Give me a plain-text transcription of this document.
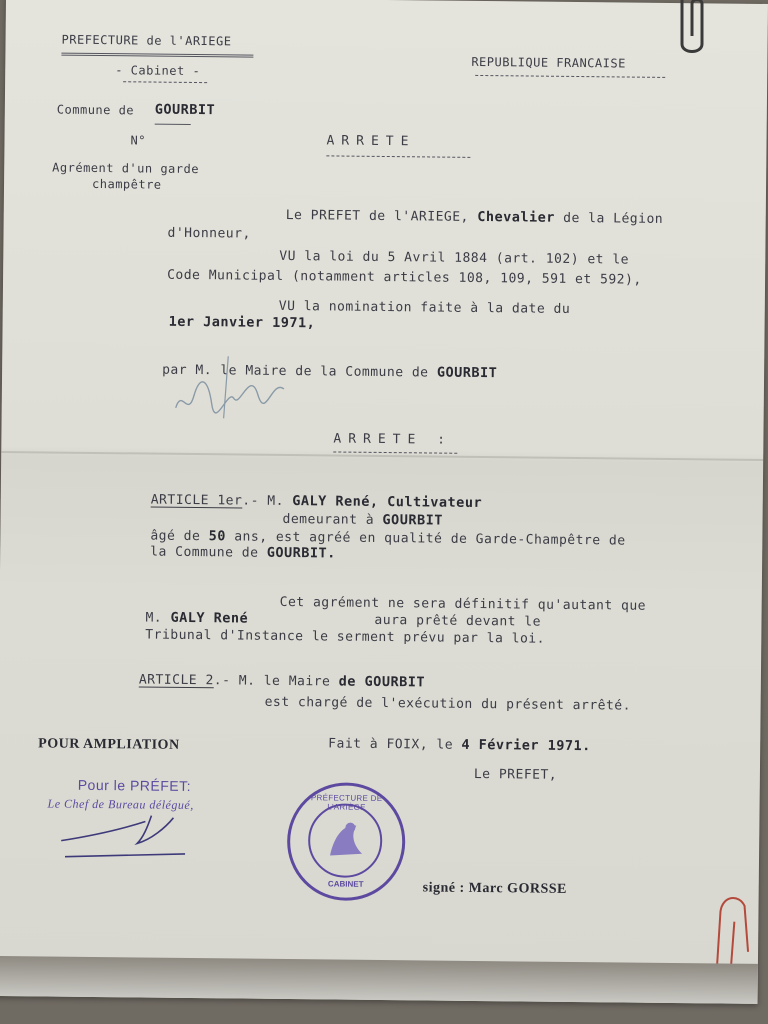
PREFECTURE de l'ARIEGE
- Cabinet -
Commune de GOURBIT
N°
Agrément d'un garde
champêtre
REPUBLIQUE FRANCAISE
ARRETE
Le PREFET de l'ARIEGE, Chevalier de la Légion
d'Honneur,
VU la loi du 5 Avril 1884 (art. 102) et le
Code Municipal (notamment articles 108, 109, 591 et 592),
VU la nomination faite à la date du
1er Janvier 1971,
par M. le Maire de la Commune de GOURBIT
ARRETE :
ARTICLE 1er.- M. GALY René, Cultivateur
demeurant à GOURBIT
âgé de 50 ans, est agréé en qualité de Garde-Champêtre de
la Commune de GOURBIT.
Cet agrément ne sera définitif qu'autant que
M. GALY René	aura prêté devant le
Tribunal d'Instance le serment prévu par la loi.
ARTICLE 2.- M. le Maire de GOURBIT
est chargé de l'exécution du présent arrêté.
POUR AMPLIATION	Fait à FOIX, le 4 Février 1971.
Le PREFET,
Pour le PRÉFET:
Le Chef de Bureau délégué,	PRÉFECTURE DE L'ARIÈGE
CABINET	signé : Marc GORSSE
